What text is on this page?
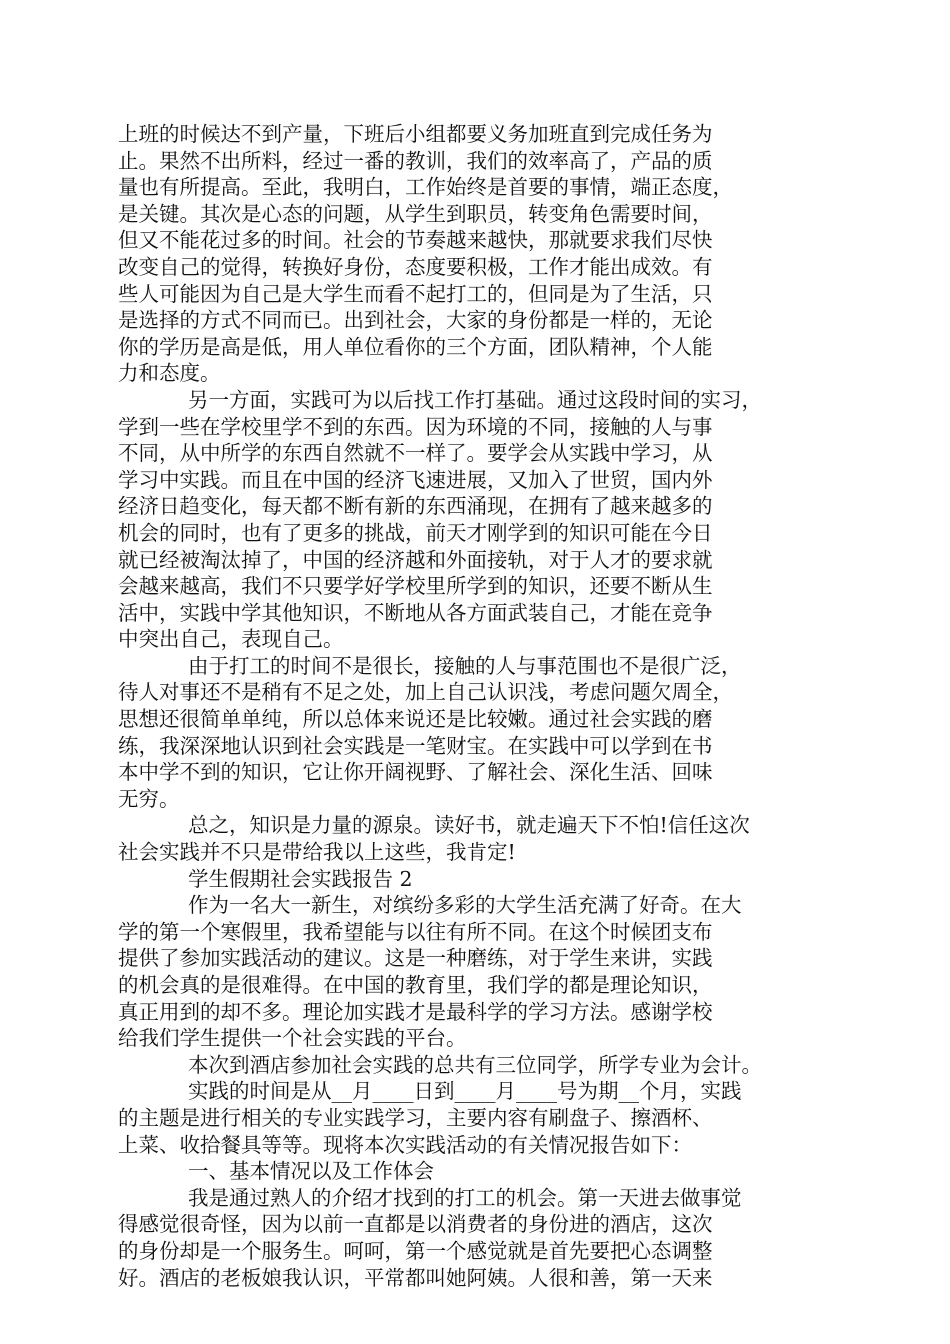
上班的时候达不到产量，下班后小组都要义务加班直到完成任务为
止。果然不出所料，经过一番的教训，我们的效率高了，产品的质
量也有所提高。至此，我明白，工作始终是首要的事情，端正态度，
是关键。其次是心态的问题，从学生到职员，转变角色需要时间，
但又不能花过多的时间。社会的节奏越来越快，那就要求我们尽快
改变自己的觉得，转换好身份，态度要积极，工作才能出成效。有
些人可能因为自己是大学生而看不起打工的，但同是为了生活，只
是选择的方式不同而已。出到社会，大家的身份都是一样的，无论
你的学历是高是低，用人单位看你的三个方面，团队精神，个人能
力和态度。
另一方面，实践可为以后找工作打基础。通过这段时间的实习，
学到一些在学校里学不到的东西。因为环境的不同，接触的人与事
不同，从中所学的东西自然就不一样了。要学会从实践中学习，从
学习中实践。而且在中国的经济飞速进展，又加入了世贸，国内外
经济日趋变化，每天都不断有新的东西涌现，在拥有了越来越多的
机会的同时，也有了更多的挑战，前天才刚学到的知识可能在今日
就已经被淘汰掉了，中国的经济越和外面接轨，对于人才的要求就
会越来越高，我们不只要学好学校里所学到的知识，还要不断从生
活中，实践中学其他知识，不断地从各方面武装自己，才能在竞争
中突出自己，表现自己。
由于打工的时间不是很长，接触的人与事范围也不是很广泛，
待人对事还不是稍有不足之处，加上自己认识浅，考虑问题欠周全，
思想还很简单单纯，所以总体来说还是比较嫩。通过社会实践的磨
练，我深深地认识到社会实践是一笔财宝。在实践中可以学到在书
本中学不到的知识，它让你开阔视野、了解社会、深化生活、回味
无穷。
总之，知识是力量的源泉。读好书，就走遍天下不怕!信任这次
社会实践并不只是带给我以上这些，我肯定!
学生假期社会实践报告 2
作为一名大一新生，对缤纷多彩的大学生活充满了好奇。在大
学的第一个寒假里，我希望能与以往有所不同。在这个时候团支布
提供了参加实践活动的建议。这是一种磨练，对于学生来讲，实践
的机会真的是很难得。在中国的教育里，我们学的都是理论知识，
真正用到的却不多。理论加实践才是最科学的学习方法。感谢学校
给我们学生提供一个社会实践的平台。
本次到酒店参加社会实践的总共有三位同学，所学专业为会计。
实践的时间是从__月____日到____月____号为期__个月，实践
的主题是进行相关的专业实践学习，主要内容有刷盘子、擦酒杯、
上菜、收拾餐具等等。现将本次实践活动的有关情况报告如下：
一、基本情况以及工作体会
我是通过熟人的介绍才找到的打工的机会。第一天进去做事觉
得感觉很奇怪，因为以前一直都是以消费者的身份进的酒店，这次
的身份却是一个服务生。呵呵，第一个感觉就是首先要把心态调整
好。酒店的老板娘我认识，平常都叫她阿姨。人很和善，第一天来
